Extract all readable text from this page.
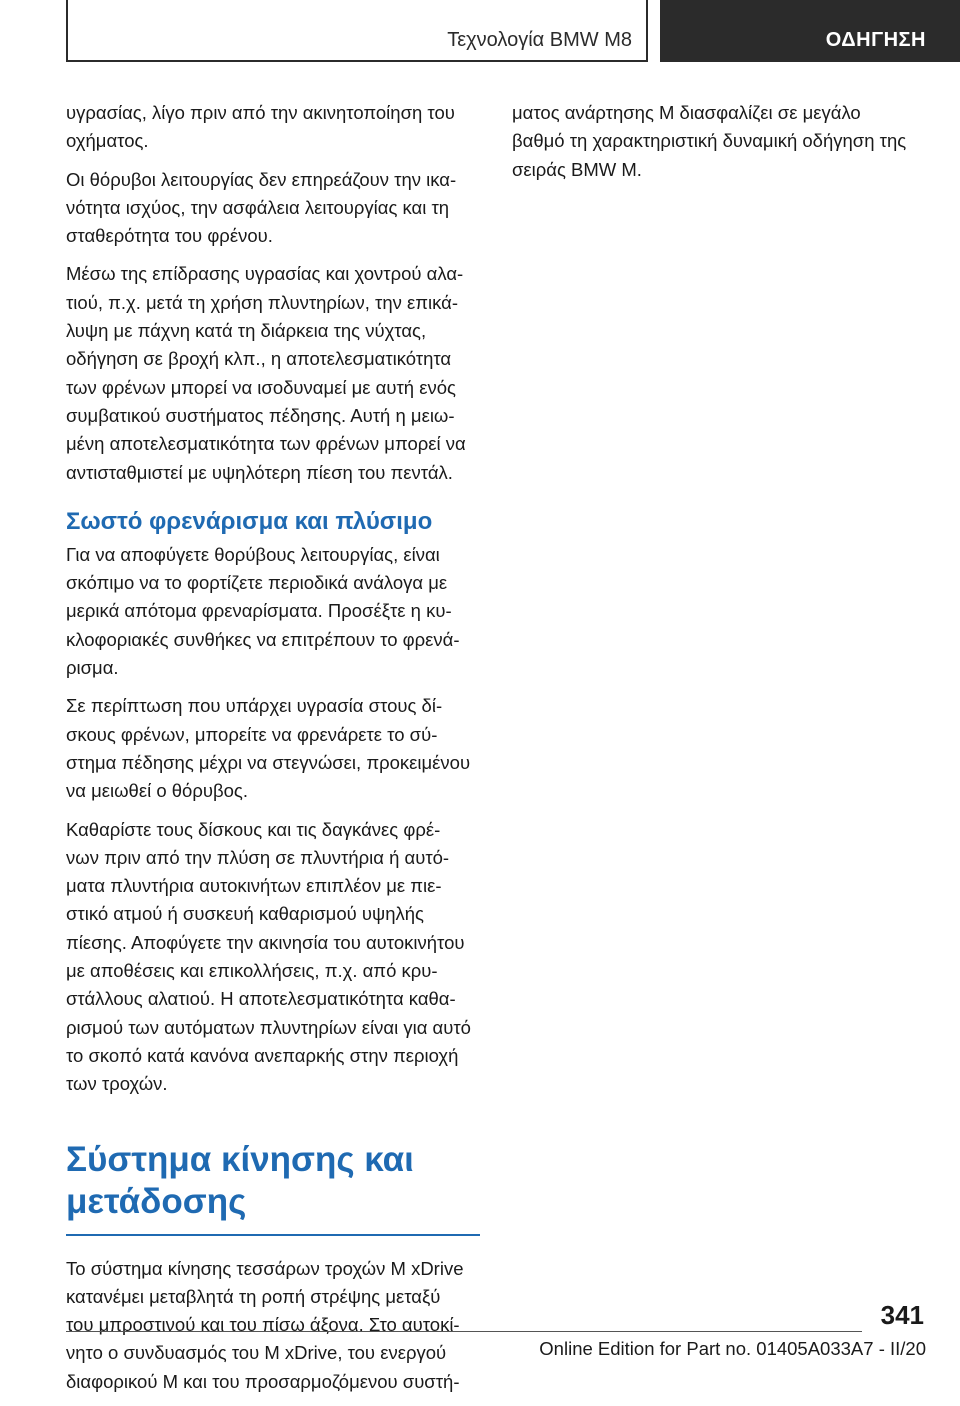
Τεχνολογία BMW M8	ΟΔΗΓΗΣΗ
υγρασίας, λίγο πριν από την ακινητοποίηση του
οχήματος.
Οι θόρυβοι λειτουργίας δεν επηρεάζουν την ικα‐
νότητα ισχύος, την ασφάλεια λειτουργίας και τη
σταθερότητα του φρένου.
Μέσω της επίδρασης υγρασίας και χοντρού αλα‐
τιού, π.χ. μετά τη χρήση πλυντηρίων, την επικά‐
λυψη με πάχνη κατά τη διάρκεια της νύχτας,
οδήγηση σε βροχή κλπ., η αποτελεσματικότητα
των φρένων μπορεί να ισοδυναμεί με αυτή ενός
συμβατικού συστήματος πέδησης. Αυτή η μειω‐
μένη αποτελεσματικότητα των φρένων μπορεί να
αντισταθμιστεί με υψηλότερη πίεση του πεντάλ.
Σωστό φρενάρισμα και πλύσιμο
Για να αποφύγετε θορύβους λειτουργίας, είναι
σκόπιμο να το φορτίζετε περιοδικά ανάλογα με
μερικά απότομα φρεναρίσματα. Προσέξτε η κυ‐
κλοφοριακές συνθήκες να επιτρέπουν το φρενά‐
ρισμα.
Σε περίπτωση που υπάρχει υγρασία στους δί‐
σκους φρένων, μπορείτε να φρενάρετε το σύ‐
στημα πέδησης μέχρι να στεγνώσει, προκειμένου
να μειωθεί ο θόρυβος.
Καθαρίστε τους δίσκους και τις δαγκάνες φρέ‐
νων πριν από την πλύση σε πλυντήρια ή αυτό‐
ματα πλυντήρια αυτοκινήτων επιπλέον με πιε‐
στικό ατμού ή συσκευή καθαρισμού υψηλής
πίεσης. Αποφύγετε την ακινησία του αυτοκινήτου
με αποθέσεις και επικολλήσεις, π.χ. από κρυ‐
στάλλους αλατιού. Η αποτελεσματικότητα καθα‐
ρισμού των αυτόματων πλυντηρίων είναι για αυτό
το σκοπό κατά κανόνα ανεπαρκής στην περιοχή
των τροχών.
Σύστημα κίνησης και
μετάδοσης
Το σύστημα κίνησης τεσσάρων τροχών M xDrive
κατανέμει μεταβλητά τη ροπή στρέψης μεταξύ
του μπροστινού και του πίσω άξονα. Στο αυτοκί‐
νητο ο συνδυασμός του M xDrive, του ενεργού
διαφορικού M και του προσαρμοζόμενου συστή‐
ματος ανάρτησης M διασφαλίζει σε μεγάλο
βαθμό τη χαρακτηριστική δυναμική οδήγηση της
σειράς BMW M.
341
Online Edition for Part no. 01405A033A7 - II/20
